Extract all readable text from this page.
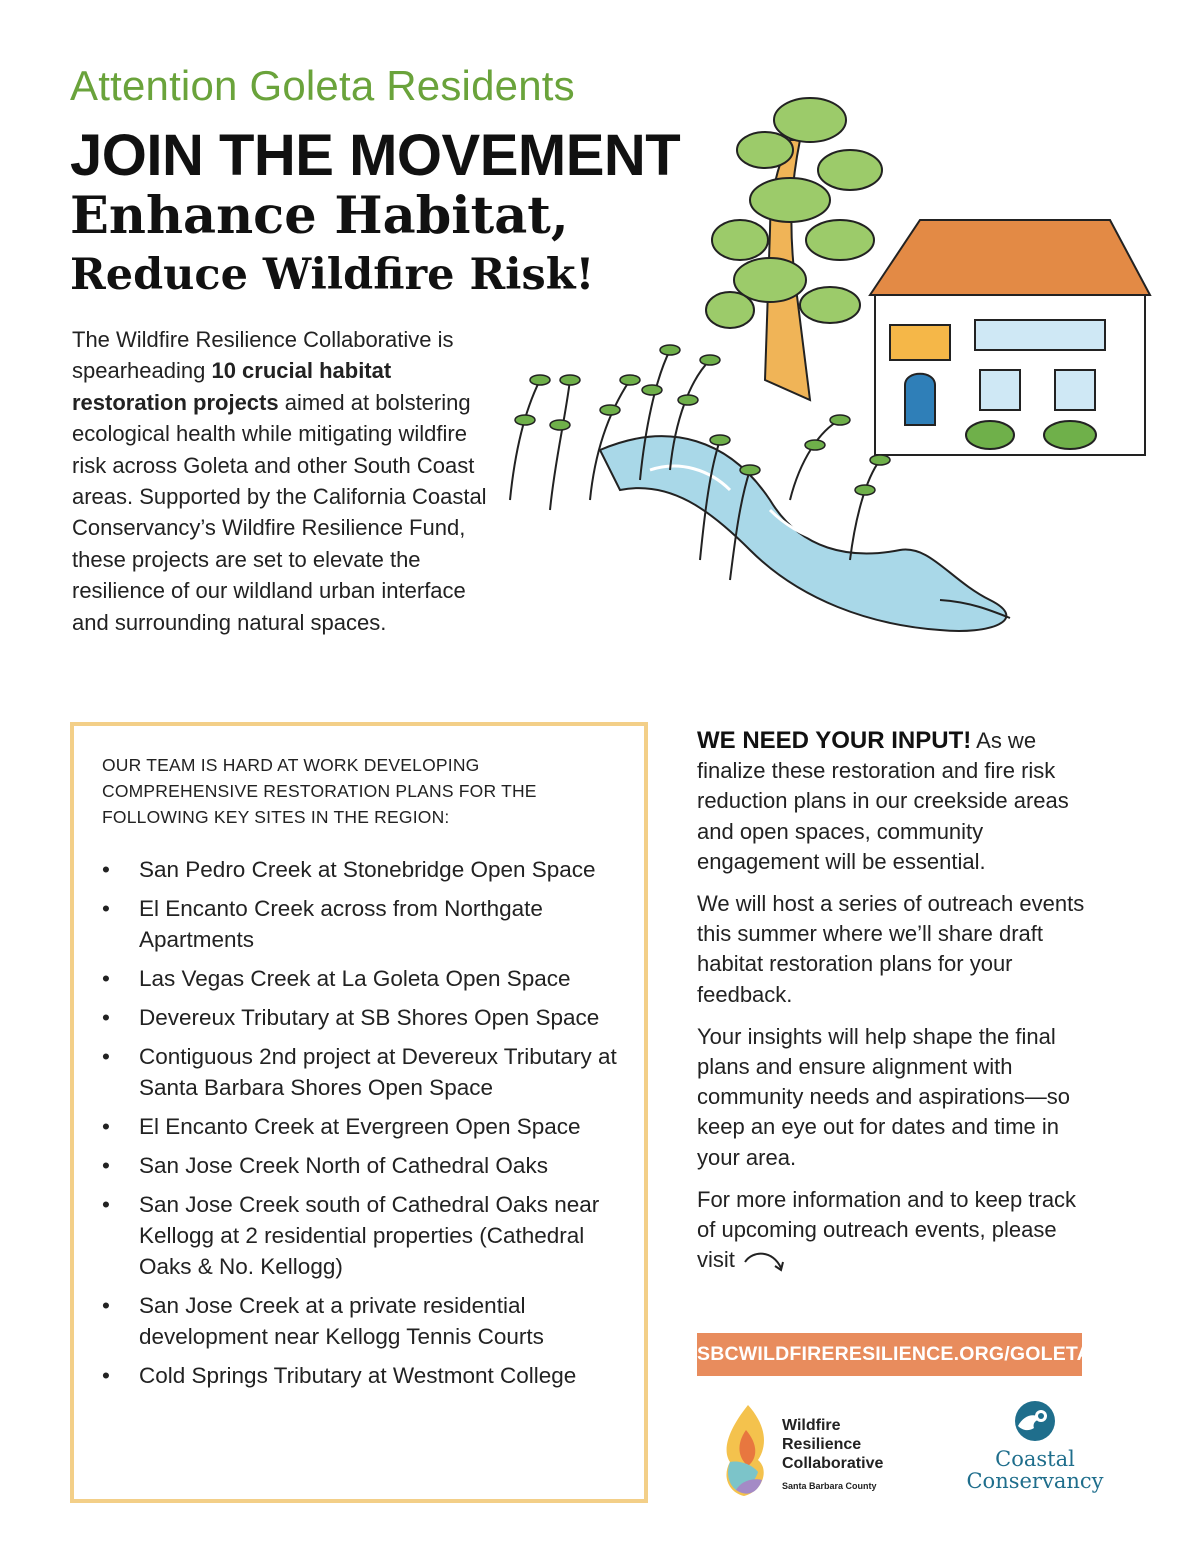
Attention Goleta Residents
JOIN THE MOVEMENT
Enhance Habitat,
Reduce Wildfire Risk!

The Wildfire Resilience Collaborative is spearheading 10 crucial habitat restoration projects aimed at bolstering ecological health while mitigating wildfire risk across Goleta and other South Coast areas. Supported by the California Coastal Conservancy’s Wildfire Resilience Fund, these projects are set to elevate the resilience of our wildland urban interface and surrounding natural spaces.

OUR TEAM IS HARD AT WORK DEVELOPING COMPREHENSIVE RESTORATION PLANS FOR THE FOLLOWING KEY SITES IN THE REGION:
• San Pedro Creek at Stonebridge Open Space
• El Encanto Creek across from Northgate Apartments
• Las Vegas Creek at La Goleta Open Space
• Devereux Tributary at SB Shores Open Space
• Contiguous 2nd project at Devereux Tributary at Santa Barbara Shores Open Space
• El Encanto Creek at Evergreen Open Space
• San Jose Creek North of Cathedral Oaks
• San Jose Creek south of Cathedral Oaks near Kellogg at 2 residential properties (Cathedral Oaks & No. Kellogg)
• San Jose Creek at a private residential development near Kellogg Tennis Courts
• Cold Springs Tributary at Westmont College

WE NEED YOUR INPUT! As we finalize these restoration and fire risk reduction plans in our creekside areas and open spaces, community engagement will be essential.

We will host a series of outreach events this summer where we’ll share draft habitat restoration plans for your feedback.

Your insights will help shape the final plans and ensure alignment with community needs and aspirations—so keep an eye out for dates and time in your area.

For more information and to keep track of upcoming outreach events, please visit

SBCWILDFIRERESILIENCE.ORG/GOLETA
Wildfire
Resilience
Collaborative
Santa Barbara County
Coastal
Conservancy
